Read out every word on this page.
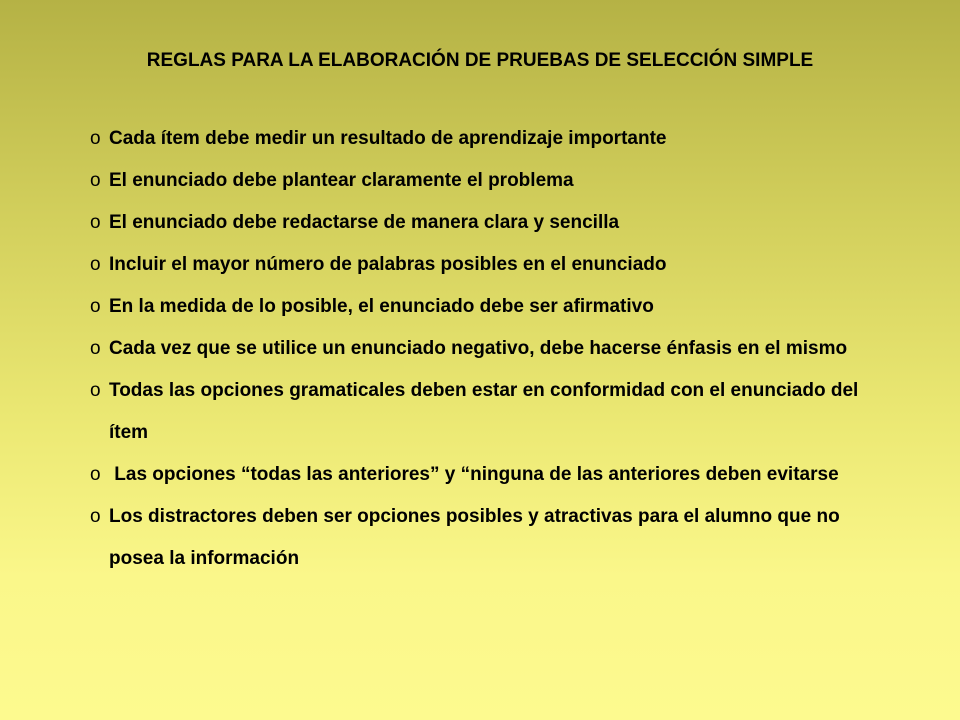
REGLAS PARA LA ELABORACIÓN DE PRUEBAS DE SELECCIÓN SIMPLE
o Cada ítem debe medir un resultado de aprendizaje importante
o El enunciado debe plantear claramente el problema
o El enunciado debe redactarse de manera clara y sencilla
o Incluir el mayor número de palabras posibles en el enunciado
o En la medida de lo posible, el enunciado debe ser afirmativo
o Cada vez que se utilice un enunciado negativo, debe hacerse énfasis en el mismo
o Todas las opciones gramaticales deben estar en conformidad con el enunciado del ítem
o Las opciones “todas las anteriores” y “ninguna de las anteriores deben evitarse
o Los distractores deben ser opciones posibles y atractivas para el alumno que no posea la información
